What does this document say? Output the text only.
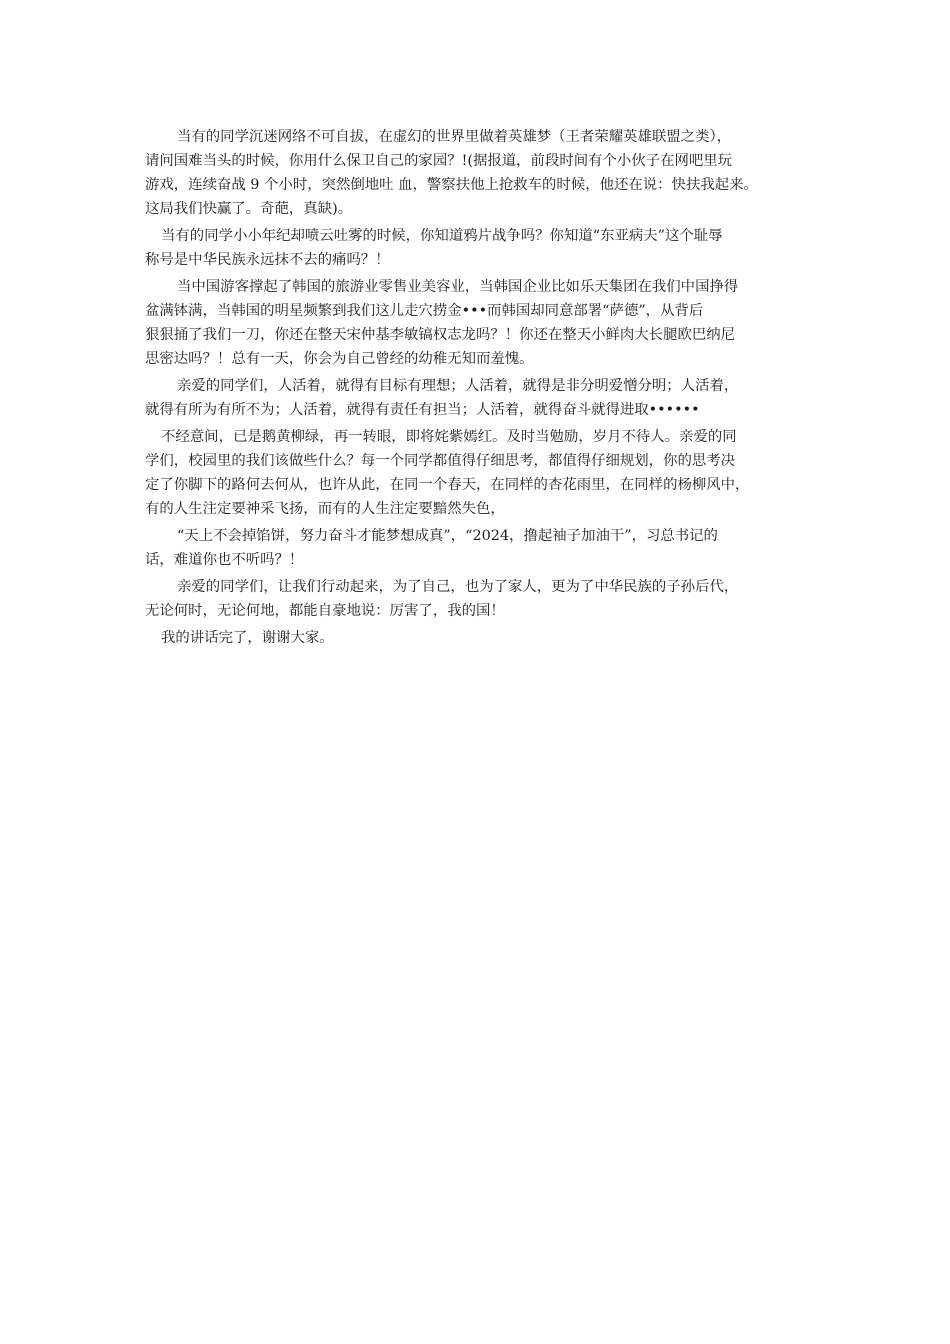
当有的同学沉迷网络不可自拔，在虚幻的世界里做着英雄梦（王者荣耀英雄联盟之类），

请问国难当头的时候，你用什么保卫自己的家园？!(据报道，前段时间有个小伙子在网吧里玩

游戏，连续奋战 9 个小时，突然倒地吐 血，警察扶他上抢救车的时候，他还在说：快扶我起来。

这局我们快赢了。奇葩，真缺)。

当有的同学小小年纪却喷云吐雾的时候，你知道鸦片战争吗？你知道“东亚病夫”这个耻辱

称号是中华民族永远抹不去的痛吗？！

当中国游客撑起了韩国的旅游业零售业美容业，当韩国企业比如乐天集团在我们中国挣得

盆满钵满，当韩国的明星频繁到我们这儿走穴捞金•••而韩国却同意部署“萨德”，从背后

狠狠捅了我们一刀，你还在整天宋仲基李敏镐权志龙吗？！你还在整天小鲜肉大长腿欧巴纳尼

思密达吗？！总有一天，你会为自己曾经的幼稚无知而羞愧。

亲爱的同学们，人活着，就得有目标有理想；人活着，就得是非分明爱憎分明；人活着，

就得有所为有所不为；人活着，就得有责任有担当；人活着，就得奋斗就得进取••••••

不经意间，已是鹅黄柳绿，再一转眼，即将姹紫嫣红。及时当勉励，岁月不待人。亲爱的同

学们，校园里的我们该做些什么？每一个同学都值得仔细思考，都值得仔细规划，你的思考决

定了你脚下的路何去何从，也许从此，在同一个春天，在同样的杏花雨里，在同样的杨柳风中，

有的人生注定要神采飞扬，而有的人生注定要黯然失色，

“天上不会掉馅饼，努力奋斗才能梦想成真”，“2024，撸起袖子加油干”，习总书记的

话，难道你也不听吗？！

亲爱的同学们，让我们行动起来，为了自己，也为了家人，更为了中华民族的子孙后代，

无论何时，无论何地，都能自豪地说：厉害了，我的国！

我的讲话完了，谢谢大家。
